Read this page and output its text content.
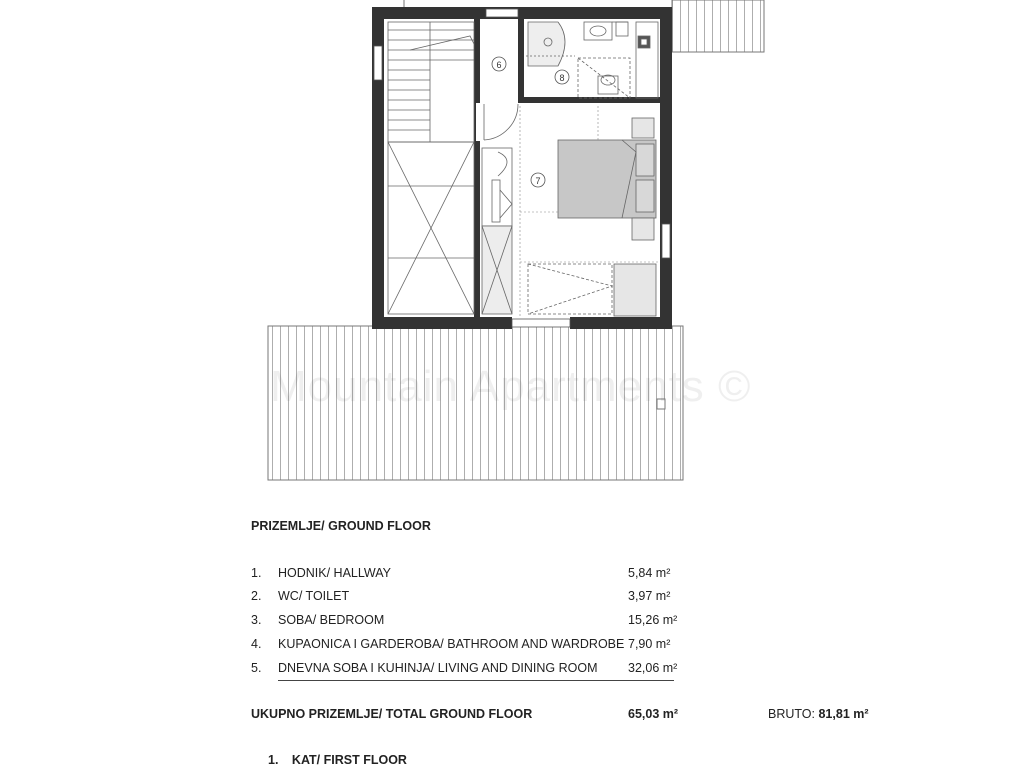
6
8
7
Mountain Apartments ©
PRIZEMLJE/ GROUND FLOOR
1. HODNIK/ HALLWAY	5,84 m²
2. WC/ TOILET	3,97 m²
3. SOBA/ BEDROOM	15,26 m²
4. KUPAONICA I GARDEROBA/ BATHROOM AND WARDROBE 7,90 m²
5. DNEVNA SOBA I KUHINJA/ LIVING AND DINING ROOM 32,06 m²
UKUPNO PRIZEMLJE/ TOTAL GROUND FLOOR	65,03 m²	BRUTO: 81,81 m²
1. KAT/ FIRST FLOOR
